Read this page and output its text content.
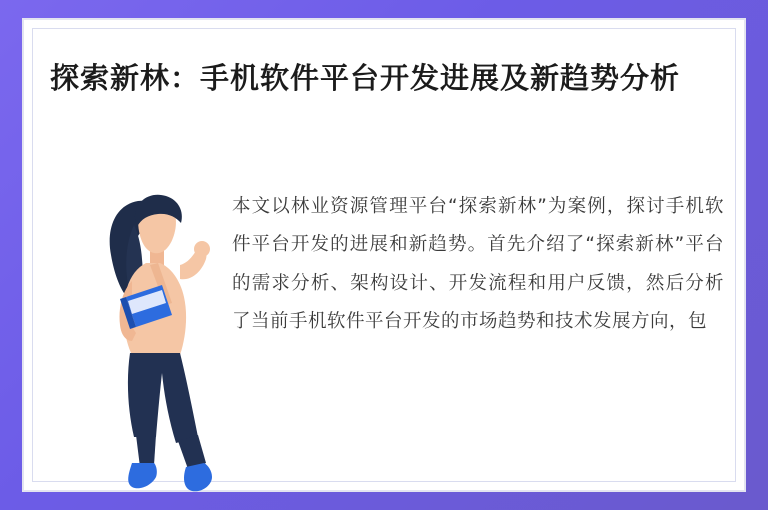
探索新林：手机软件平台开发进展及新趋势分析
本文以林业资源管理平台“探索新林”为案例，探讨手机软件平台开发的进展和新趋势。首先介绍了“探索新林”平台的需求分析、架构设计、开发流程和用户反馈，然后分析了当前手机软件平台开发的市场趋势和技术发展方向，包
